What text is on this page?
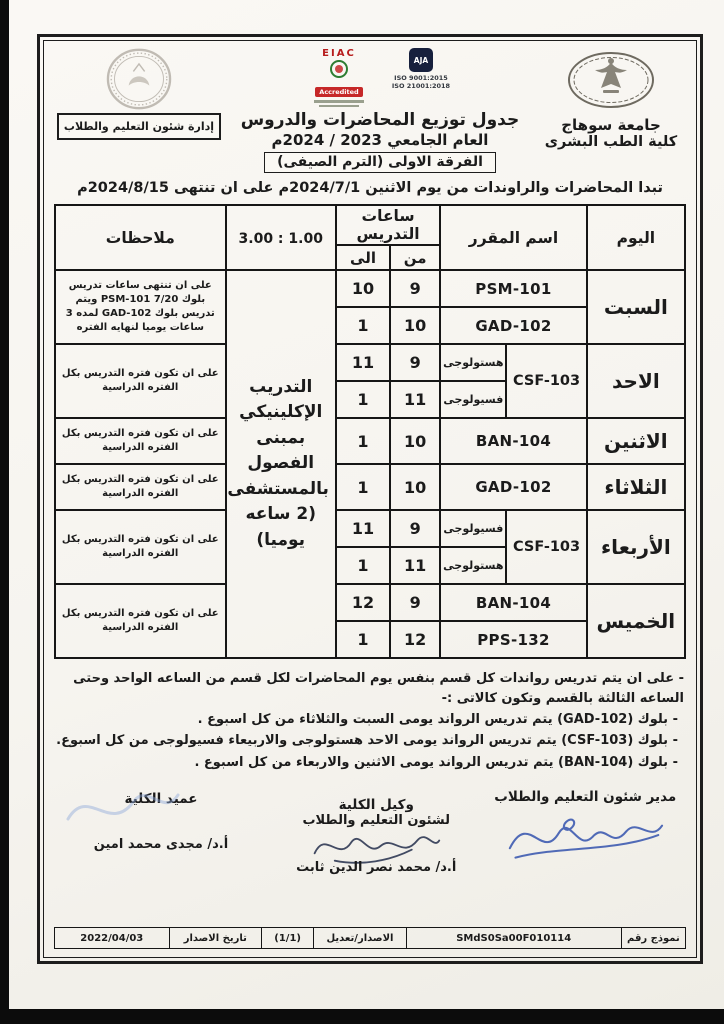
جامعة سوهاج
كلية الطب البشرى
EIAC
Accredited
AJA
ISO 9001:2015
ISO 21001:2018
جدول توزيع المحاضرات والدروس
العام الجامعي 2023 / 2024م
الفرقة الاولى (الترم الصيفى)
إدارة شئون التعليم والطلاب
تبدا المحاضرات والراوندات من يوم الاثنين 2024/7/1م على ان تنتهى 2024/8/15م
اليوم	اسم المقرر		ساعات التدريس		3.00 : 1.00	ملاحظات
			من	الى		
السبت	PSM-101		9	10	التدريب الإكلينيكي بمبنى الفصول بالمستشفى (2 ساعه يوميا)	على ان تنتهى ساعات تدريس بلوك PSM-101 7/20 ويتم تدريس بلوك GAD-102 لمده 3 ساعات يوميا لنهايه الفتره
	GAD-102		10	1		
الاحد	CSF-103	هستولوجى	9	11		على ان تكون فتره التدريس بكل الفتره الدراسية
		فسيولوجى	11	1		
الاثنين	BAN-104		10	1		على ان تكون فتره التدريس بكل الفتره الدراسية
الثلاثاء	GAD-102		10	1		على ان تكون فتره التدريس بكل الفتره الدراسية
الأربعاء	CSF-103	فسيولوجى	9	11		على ان تكون فتره التدريس بكل الفتره الدراسية
		هستولوجى	11	1		
الخميس	BAN-104		9	12		على ان تكون فتره التدريس بكل الفتره الدراسية
	PPS-132		12	1		
- على ان يتم تدريس رواندات كل قسم بنفس يوم المحاضرات لكل قسم من الساعه الواحد وحتى الساعه الثالثة بالقسم وتكون كالاتى :-
- بلوك (GAD-102) يتم تدريس الرواند يومى السبت والثلاثاء من كل اسبوع .
- بلوك (CSF-103) يتم تدريس الرواند يومى الاحد هستولوجى والاربيعاء فسيولوجى من كل اسبوع.
- بلوك (BAN-104) يتم تدريس الرواند يومى الاثنين والاربعاء من كل اسبوع .
مدير شئون التعليم والطلاب
وكيل الكلية
لشئون التعليم والطلاب
أ.د/ محمد نصر الدين ثابت
عميد الكلية
أ.د/ مجدى محمد امين
نموذج رقم	SMdS0Sa00F010114	الاصدار/تعديل	(1/1)	تاريخ الاصدار	2022/04/03
